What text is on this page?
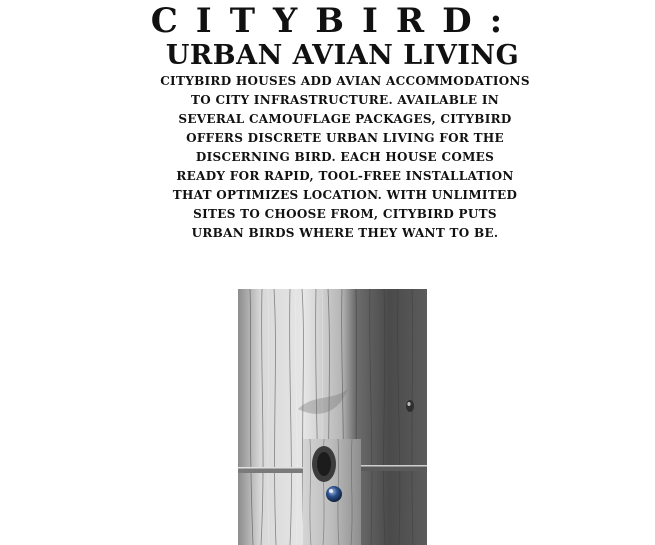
CITYBIRD:
URBAN AVIAN LIVING
CITYBIRD HOUSES ADD AVIAN ACCOMMODATIONS
TO CITY INFRASTRUCTURE. AVAILABLE IN
SEVERAL CAMOUFLAGE PACKAGES, CITYBIRD
OFFERS DISCRETE URBAN LIVING FOR THE
DISCERNING BIRD. EACH HOUSE COMES
READY FOR RAPID, TOOL-FREE INSTALLATION
THAT OPTIMIZES LOCATION. WITH UNLIMITED
SITES TO CHOOSE FROM, CITYBIRD PUTS
URBAN BIRDS WHERE THEY WANT TO BE.
